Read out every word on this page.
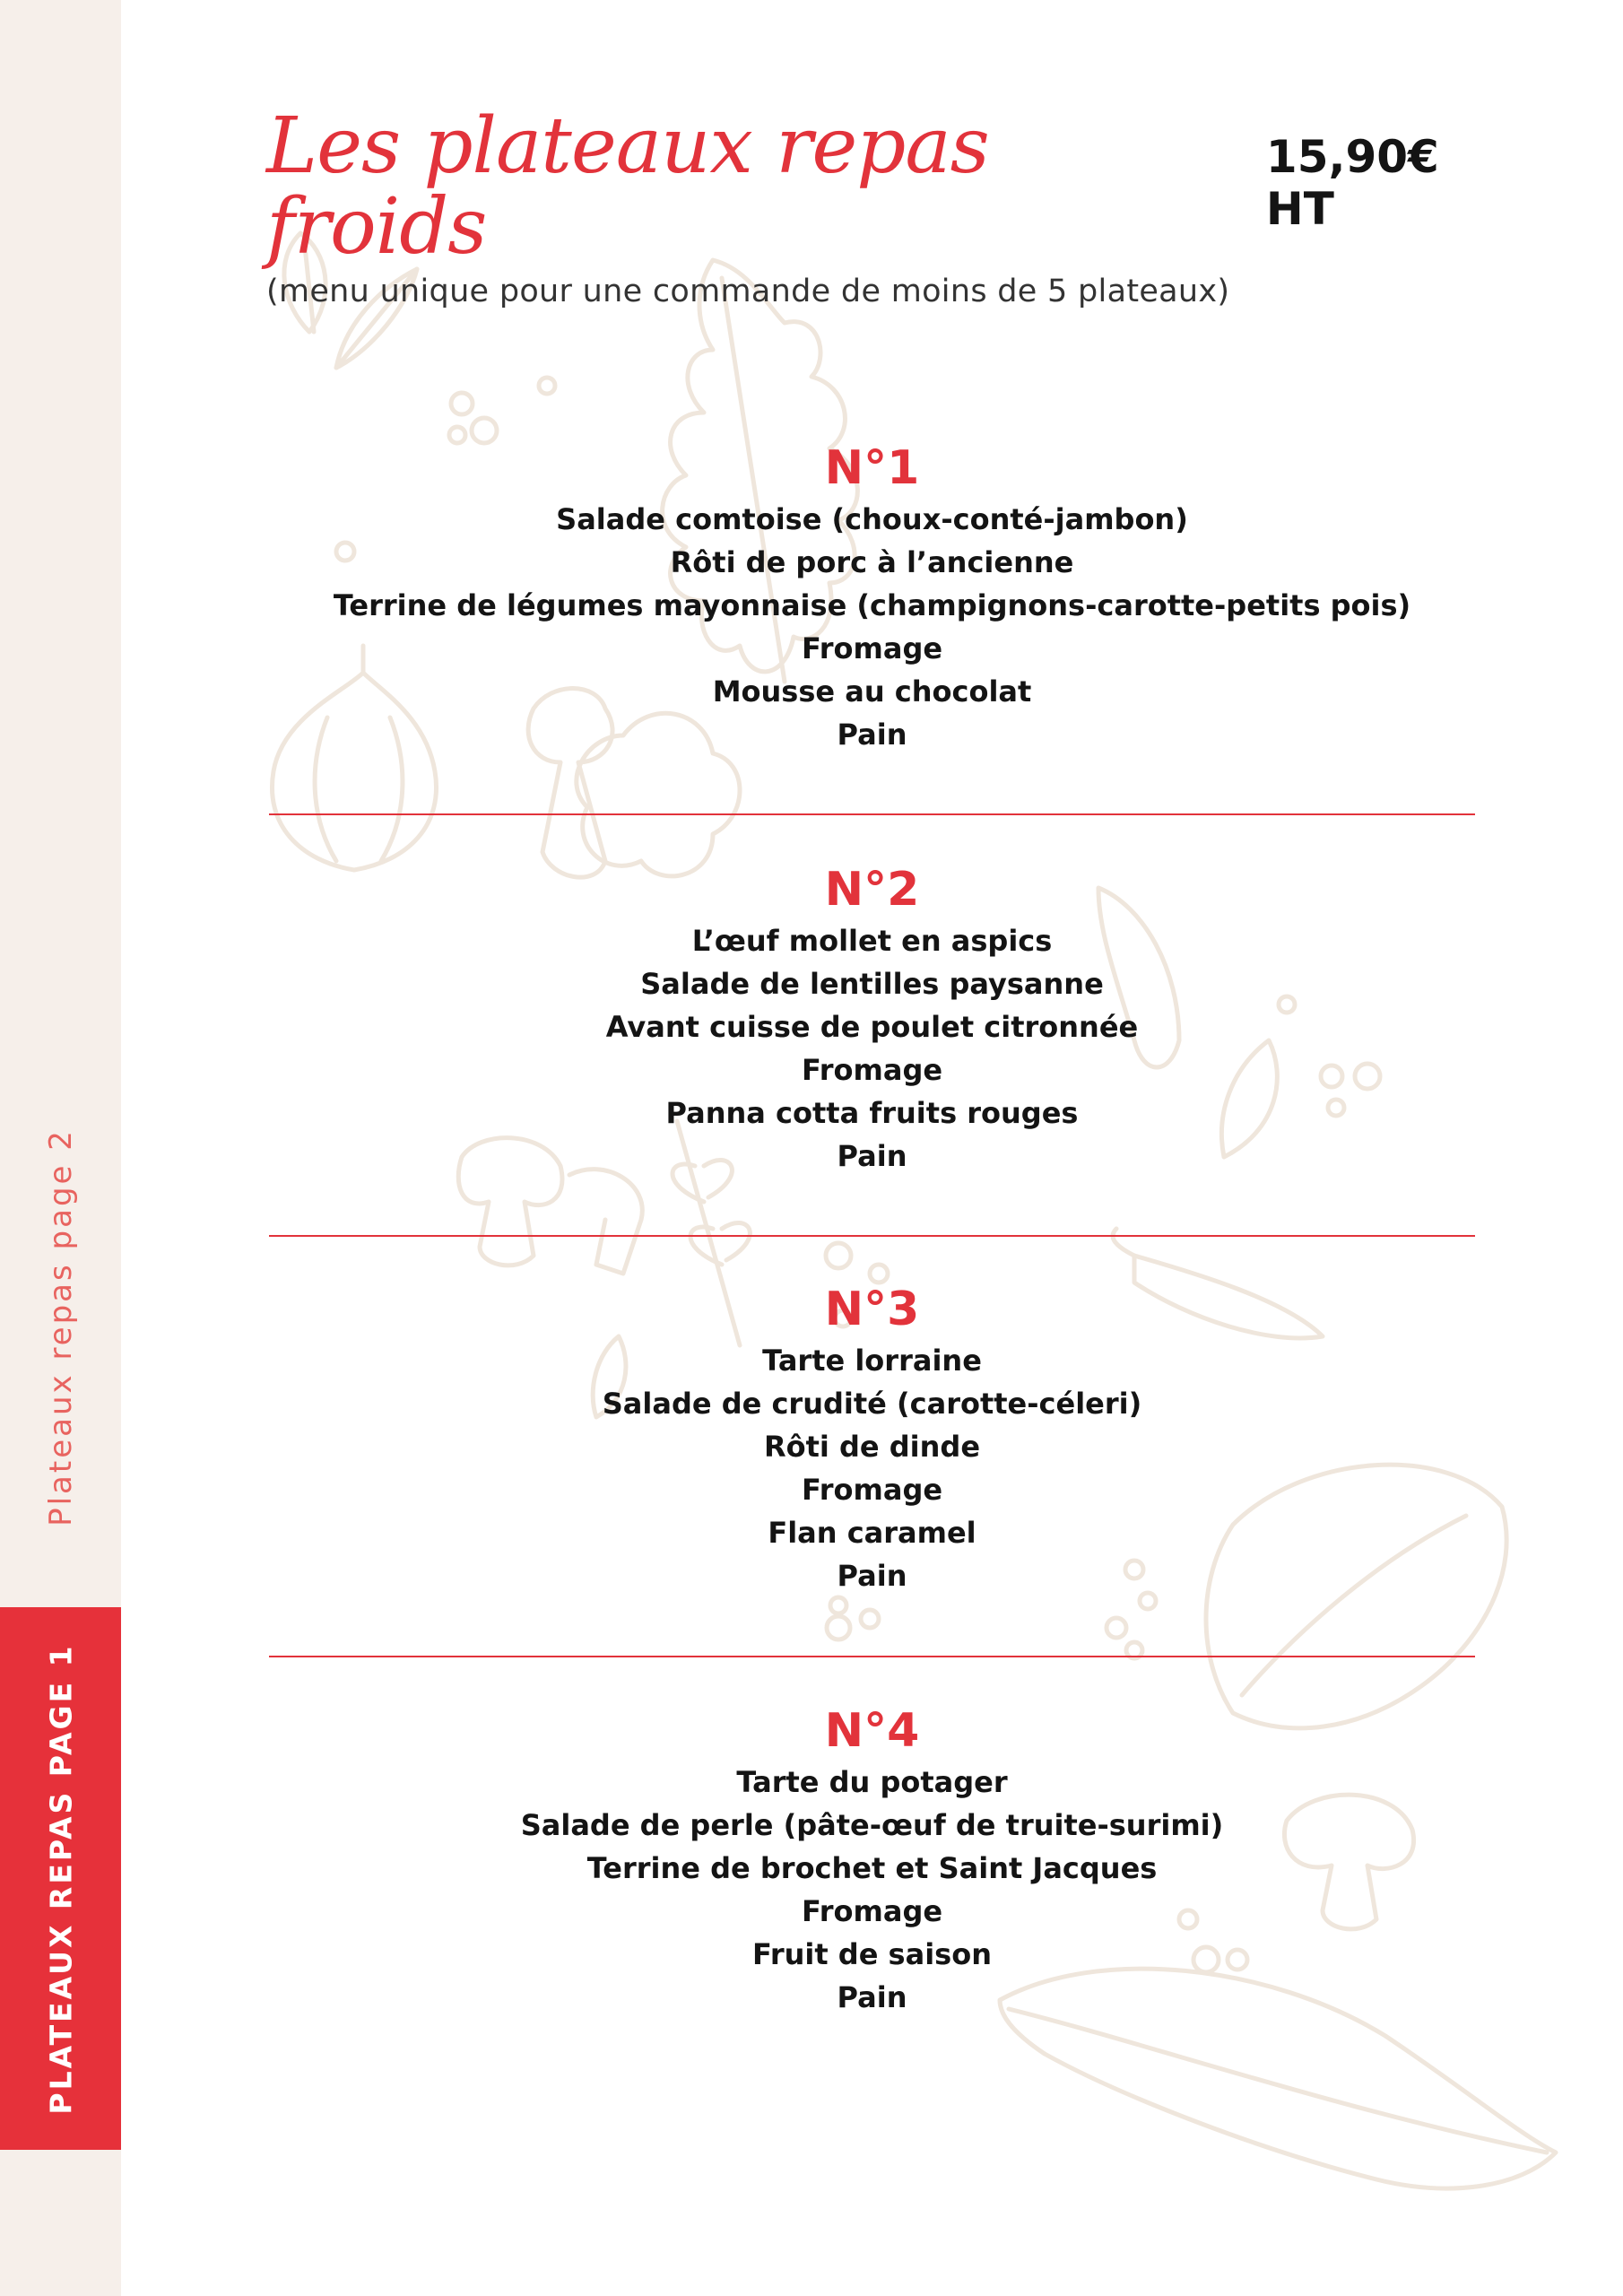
Plateaux repas page 2
PLATEAUX REPAS PAGE 1
Les plateaux repas froids
15,90€ HT
(menu unique pour une commande de moins de 5 plateaux)
N°1
Salade comtoise (choux-conté-jambon)
Rôti de porc à l’ancienne
Terrine de légumes mayonnaise (champignons-carotte-petits pois)
Fromage
Mousse au chocolat
Pain
N°2
L’œuf mollet en aspics
Salade de lentilles paysanne
Avant cuisse de poulet citronnée
Fromage
Panna cotta fruits rouges
Pain
N°3
Tarte lorraine
Salade de crudité (carotte-céleri)
Rôti de dinde
Fromage
Flan caramel
Pain
N°4
Tarte du potager
Salade de perle (pâte-œuf de truite-surimi)
Terrine de brochet et Saint Jacques
Fromage
Fruit de saison
Pain
